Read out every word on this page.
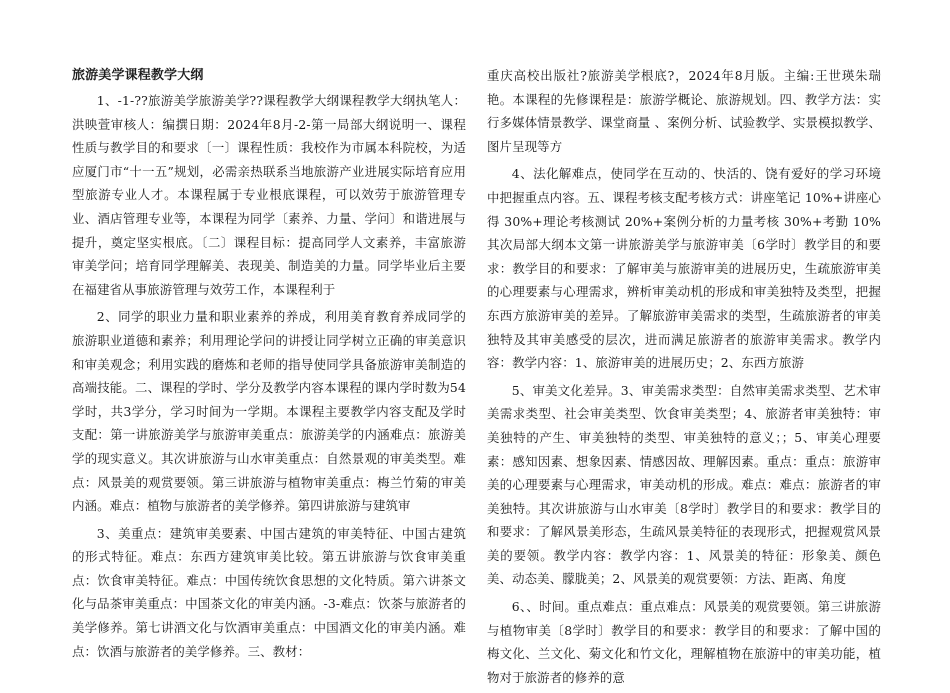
旅游美学课程教学大纲

1、-1-??旅游美学旅游美学??课程教学大纲课程教学大纲执笔人：洪映萱审核人：编撰日期：2024年8月-2-第一局部大纲说明一、课程性质与教学目的和要求〔一〕课程性质：我校作为市属本科院校，为适应厦门市“十一五”规划，必需亲热联系当地旅游产业进展实际培育应用型旅游专业人才。本课程属于专业根底课程，可以效劳于旅游管理专业、酒店管理专业等，本课程为同学〔素养、力量、学问〕和谐进展与提升，奠定坚实根底。〔二〕课程目标：提高同学人文素养，丰富旅游审美学问；培育同学理解美、表现美、制造美的力量。同学毕业后主要在福建省从事旅游管理与效劳工作，本课程利于

2、同学的职业力量和职业素养的养成，利用美育教育养成同学的旅游职业道德和素养；利用理论学问的讲授让同学树立正确的审美意识和审美观念；利用实践的磨炼和老师的指导使同学具备旅游审美制造的高端技能。二、课程的学时、学分及教学内容本课程的课内学时数为54学时，共3学分，学习时间为一学期。本课程主要教学内容支配及学时支配：第一讲旅游美学与旅游审美重点：旅游美学的内涵难点：旅游美学的现实意义。其次讲旅游与山水审美重点：自然景观的审美类型。难点：风景美的观赏要领。第三讲旅游与植物审美重点：梅兰竹菊的审美内涵。难点：植物与旅游者的美学修养。第四讲旅游与建筑审

3、美重点：建筑审美要素、中国古建筑的审美特征、中国古建筑的形式特征。难点：东西方建筑审美比较。第五讲旅游与饮食审美重点：饮食审美特征。难点：中国传统饮食思想的文化特质。第六讲茶文化与品茶审美重点：中国茶文化的审美内涵。-3-难点：饮茶与旅游者的美学修养。第七讲酒文化与饮酒审美重点：中国酒文化的审美内涵。难点：饮酒与旅游者的美学修养。三、教材：

重庆高校出版社?旅游美学根底?，2024年8月版。主编:王世瑛朱瑞艳。本课程的先修课程是：旅游学概论、旅游规划。四、教学方法：实行多媒体情景教学、课堂商量 、案例分析、试验教学、实景模拟教学、图片呈现等方

4、法化解难点，使同学在互动的、快活的、饶有爱好的学习环境中把握重点内容。五、课程考核支配考核方式：讲座笔记 10%+讲座心得 30%+理论考核测试 20%+案例分析的力量考核 30%+考勤 10%其次局部大纲本文第一讲旅游美学与旅游审美〔6学时〕教学目的和要求：教学目的和要求：了解审美与旅游审美的进展历史，生疏旅游审美的心理要素与心理需求，辨析审美动机的形成和审美独特及类型，把握东西方旅游审美的差异。了解旅游审美需求的类型，生疏旅游者的审美独特及其审美感受的层次，进而满足旅游者的旅游审美需求。教学内容：教学内容：1、旅游审美的进展历史；2、东西方旅游

5、审美文化差异。3、审美需求类型：自然审美需求类型、艺术审美需求类型、社会审美类型、饮食审美类型；4、旅游者审美独特：审美独特的产生、审美独特的类型、审美独特的意义；；5、审美心理要素：感知因素、想象因素、情感因故、理解因素。重点：重点：旅游审美的心理要素与心理需求，审美动机的形成。难点：难点：旅游者的审美独特。其次讲旅游与山水审美〔8学时〕教学目的和要求：教学目的和要求：了解风景美形态，生疏风景美特征的表现形式，把握观赏风景美的要领。教学内容：教学内容：1、风景美的特征：形象美、颜色美、动态美、朦胧美；2、风景美的观赏要领：方法、距离、角度

6、、时间。重点难点：重点难点：风景美的观赏要领。第三讲旅游与植物审美〔8学时〕教学目的和要求：教学目的和要求：了解中国的梅文化、兰文化、菊文化和竹文化，理解植物在旅游中的审美功能，植物对于旅游者的修养的意
